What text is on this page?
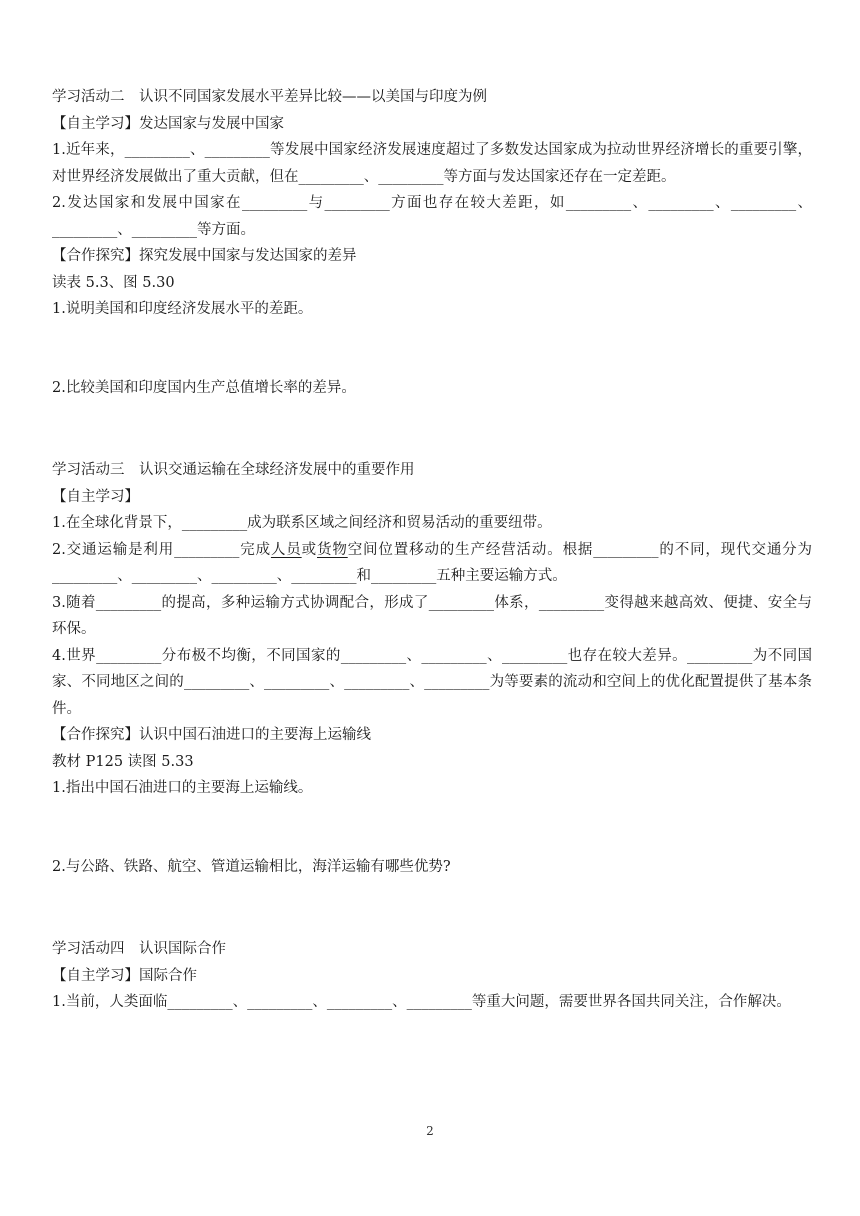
学习活动二　认识不同国家发展水平差异比较——以美国与印度为例

【自主学习】发达国家与发展中国家

1.近年来，_________、_________等发展中国家经济发展速度超过了多数发达国家成为拉动世界经济增长的重要引擎，对世界经济发展做出了重大贡献，但在_________、_________等方面与发达国家还存在一定差距。

2.发达国家和发展中国家在_________与_________方面也存在较大差距，如_________、_________、_________、_________、_________等方面。

【合作探究】探究发展中国家与发达国家的差异

读表 5.3、图 5.30

1.说明美国和印度经济发展水平的差距。

2.比较美国和印度国内生产总值增长率的差异。

学习活动三　认识交通运输在全球经济发展中的重要作用

【自主学习】

1.在全球化背景下，_________成为联系区域之间经济和贸易活动的重要纽带。

2.交通运输是利用_________完成人员或货物空间位置移动的生产经营活动。根据_________的不同，现代交通分为_________、_________、_________、_________和_________五种主要运输方式。

3.随着_________的提高，多种运输方式协调配合，形成了_________体系，_________变得越来越高效、便捷、安全与环保。

4.世界_________分布极不均衡，不同国家的_________、_________、_________也存在较大差异。_________为不同国家、不同地区之间的_________、_________、_________、_________为等要素的流动和空间上的优化配置提供了基本条件。

【合作探究】认识中国石油进口的主要海上运输线

教材 P125 读图 5.33

1.指出中国石油进口的主要海上运输线。

2.与公路、铁路、航空、管道运输相比，海洋运输有哪些优势?

学习活动四　认识国际合作

【自主学习】国际合作

1.当前，人类面临_________、_________、_________、_________等重大问题，需要世界各国共同关注，合作解决。

2
